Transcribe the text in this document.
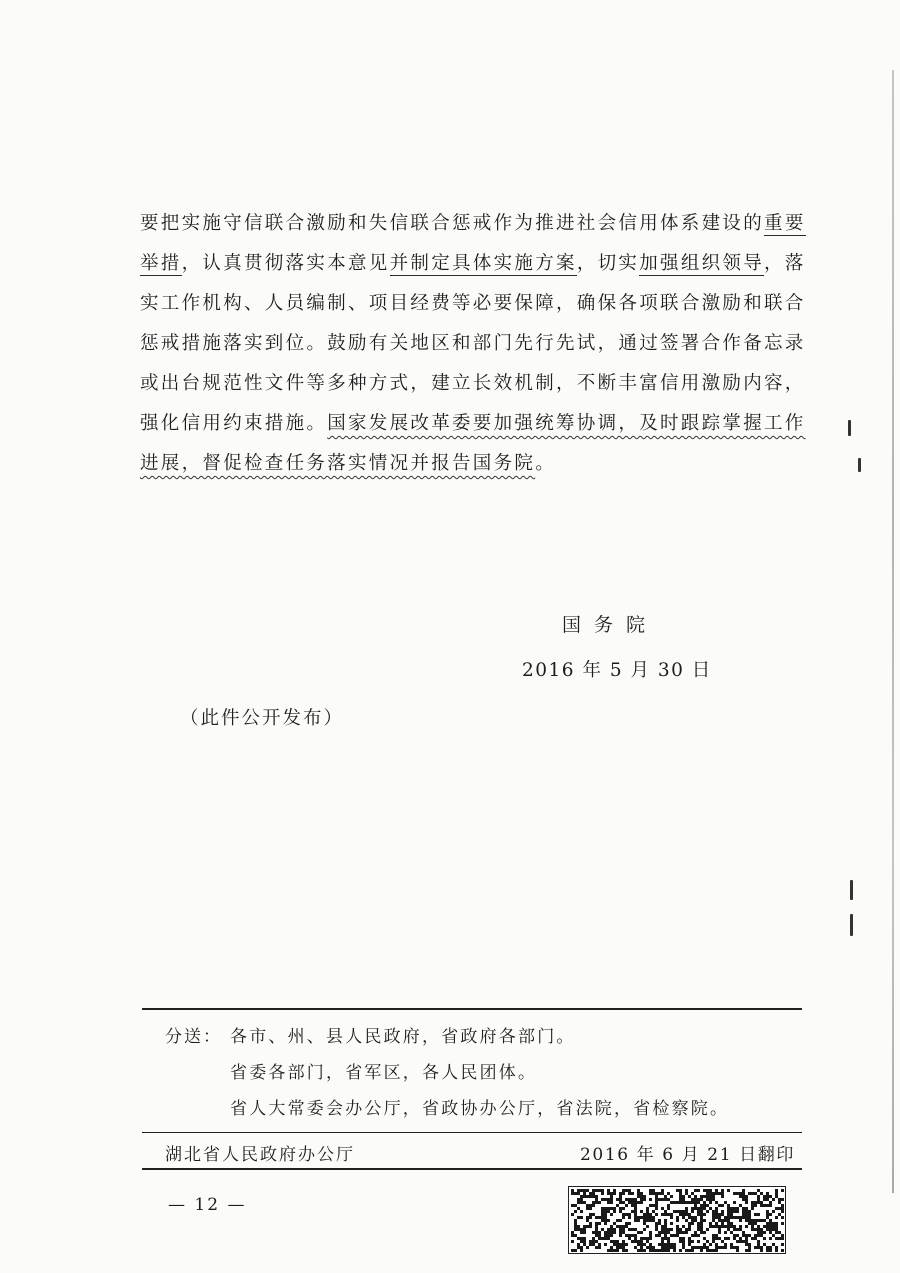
要把实施守信联合激励和失信联合惩戒作为推进社会信用体系建设的重要举措，认真贯彻落实本意见并制定具体实施方案，切实加强组织领导，落实工作机构、人员编制、项目经费等必要保障，确保各项联合激励和联合惩戒措施落实到位。鼓励有关地区和部门先行先试，通过签署合作备忘录或出台规范性文件等多种方式，建立长效机制，不断丰富信用激励内容，强化信用约束措施。国家发展改革委要加强统筹协调，及时跟踪掌握工作进展，督促检查任务落实情况并报告国务院。

国务院
2016 年 5 月 30 日
（此件公开发布）
分送： 各市、州、县人民政府，省政府各部门。
省委各部门，省军区，各人民团体。
省人大常委会办公厅，省政协办公厅，省法院，省检察院。
湖北省人民政府办公厅	2016 年 6 月 21 日翻印
— 12 —
